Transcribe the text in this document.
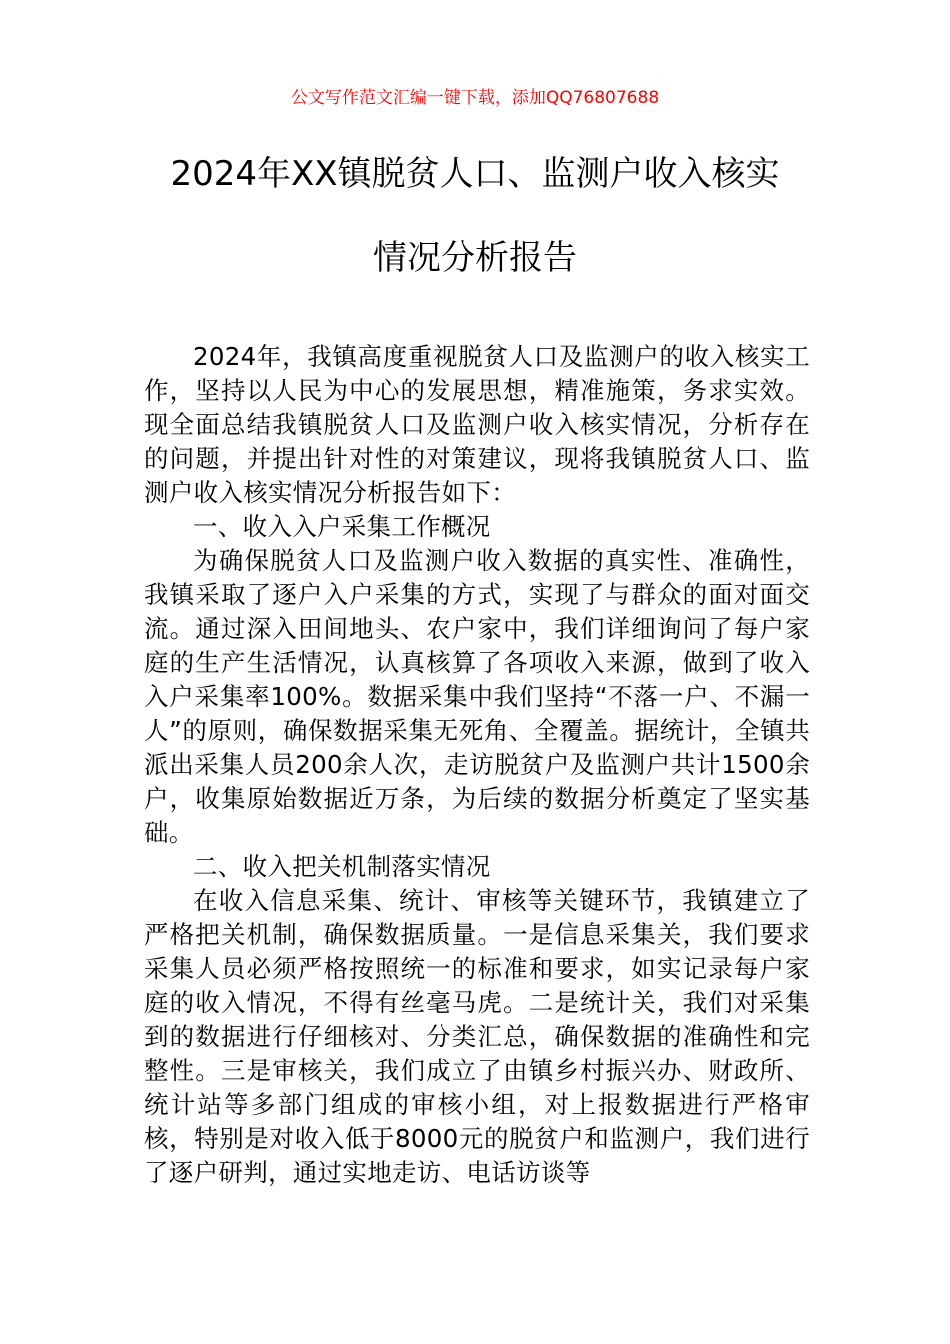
公文写作范文汇编一键下载，添加QQ76807688
2024年XX镇脱贫人口、监测户收入核实
情况分析报告

2024年，我镇高度重视脱贫人口及监测户的收入核实工作，坚持以人民为中心的发展思想，精准施策，务求实效。现全面总结我镇脱贫人口及监测户收入核实情况，分析存在的问题，并提出针对性的对策建议，现将我镇脱贫人口、监测户收入核实情况分析报告如下：

一、收入入户采集工作概况

为确保脱贫人口及监测户收入数据的真实性、准确性，我镇采取了逐户入户采集的方式，实现了与群众的面对面交流。通过深入田间地头、农户家中，我们详细询问了每户家庭的生产生活情况，认真核算了各项收入来源，做到了收入入户采集率100%。数据采集中我们坚持“不落一户、不漏一人”的原则，确保数据采集无死角、全覆盖。据统计，全镇共派出采集人员200余人次，走访脱贫户及监测户共计1500余户，收集原始数据近万条，为后续的数据分析奠定了坚实基础。

二、收入把关机制落实情况

在收入信息采集、统计、审核等关键环节，我镇建立了严格把关机制，确保数据质量。一是信息采集关，我们要求采集人员必须严格按照统一的标准和要求，如实记录每户家庭的收入情况，不得有丝毫马虎。二是统计关，我们对采集到的数据进行仔细核对、分类汇总，确保数据的准确性和完整性。三是审核关，我们成立了由镇乡村振兴办、财政所、统计站等多部门组成的审核小组，对上报数据进行严格审核，特别是对收入低于8000元的脱贫户和监测户，我们进行了逐户研判，通过实地走访、电话访谈等
